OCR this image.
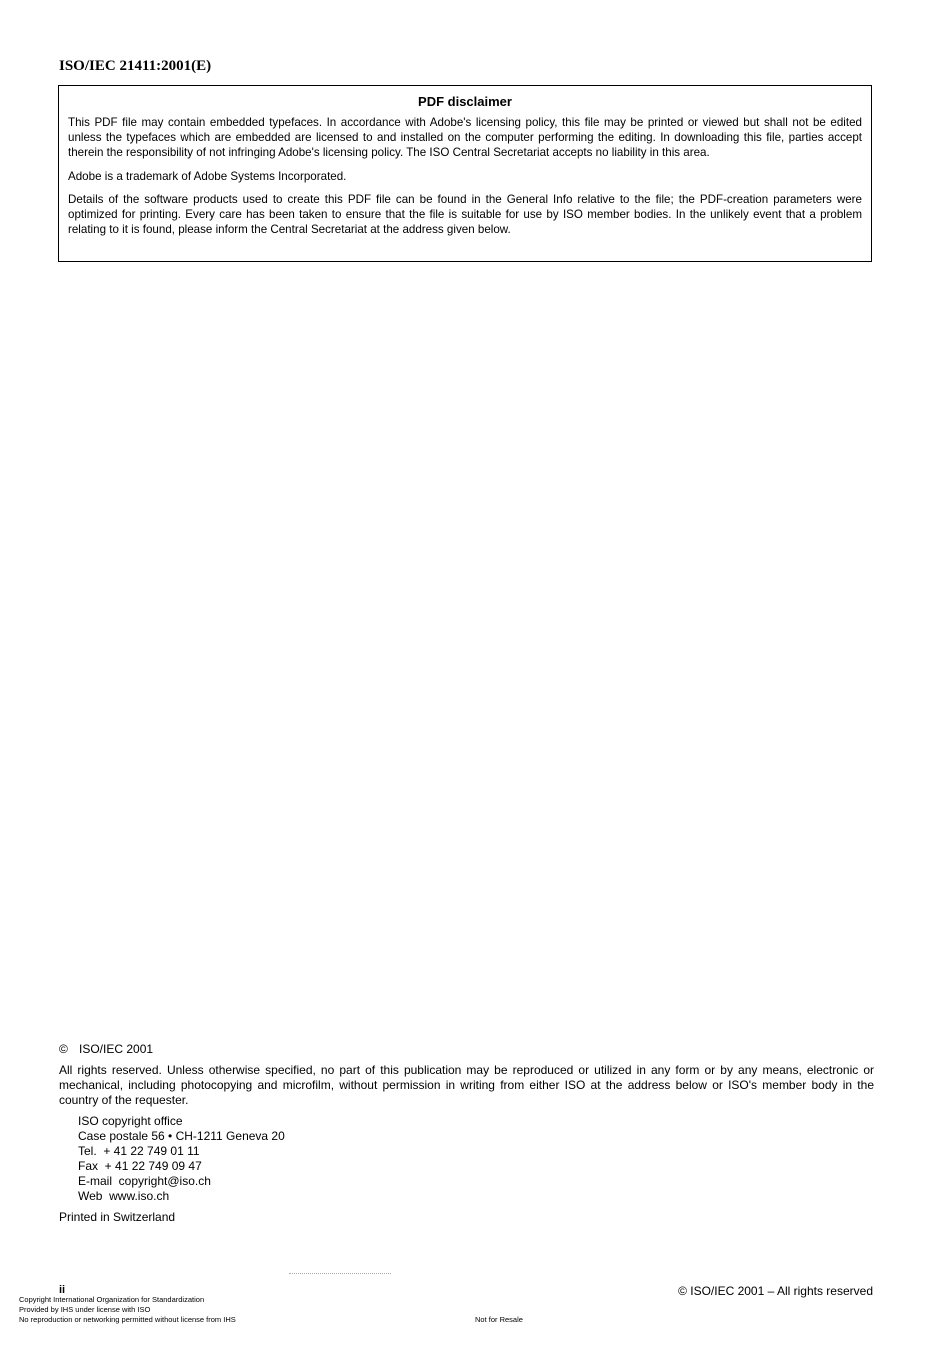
ISO/IEC 21411:2001(E)
PDF disclaimer

This PDF file may contain embedded typefaces. In accordance with Adobe's licensing policy, this file may be printed or viewed but shall not be edited unless the typefaces which are embedded are licensed to and installed on the computer performing the editing. In downloading this file, parties accept therein the responsibility of not infringing Adobe's licensing policy. The ISO Central Secretariat accepts no liability in this area.

Adobe is a trademark of Adobe Systems Incorporated.

Details of the software products used to create this PDF file can be found in the General Info relative to the file; the PDF-creation parameters were optimized for printing. Every care has been taken to ensure that the file is suitable for use by ISO member bodies. In the unlikely event that a problem relating to it is found, please inform the Central Secretariat at the address given below.

© ISO/IEC 2001
All rights reserved. Unless otherwise specified, no part of this publication may be reproduced or utilized in any form or by any means, electronic or mechanical, including photocopying and microfilm, without permission in writing from either ISO at the address below or ISO's member body in the country of the requester.
ISO copyright office
Case postale 56 • CH-1211 Geneva 20
Tel.  + 41 22 749 01 11
Fax  + 41 22 749 09 47
E-mail  copyright@iso.ch
Web  www.iso.ch
Printed in Switzerland
ii	© ISO/IEC 2001 – All rights reserved
Copyright International Organization for Standardization
Provided by IHS under license with ISO
No reproduction or networking permitted without license from IHS	Not for Resale
